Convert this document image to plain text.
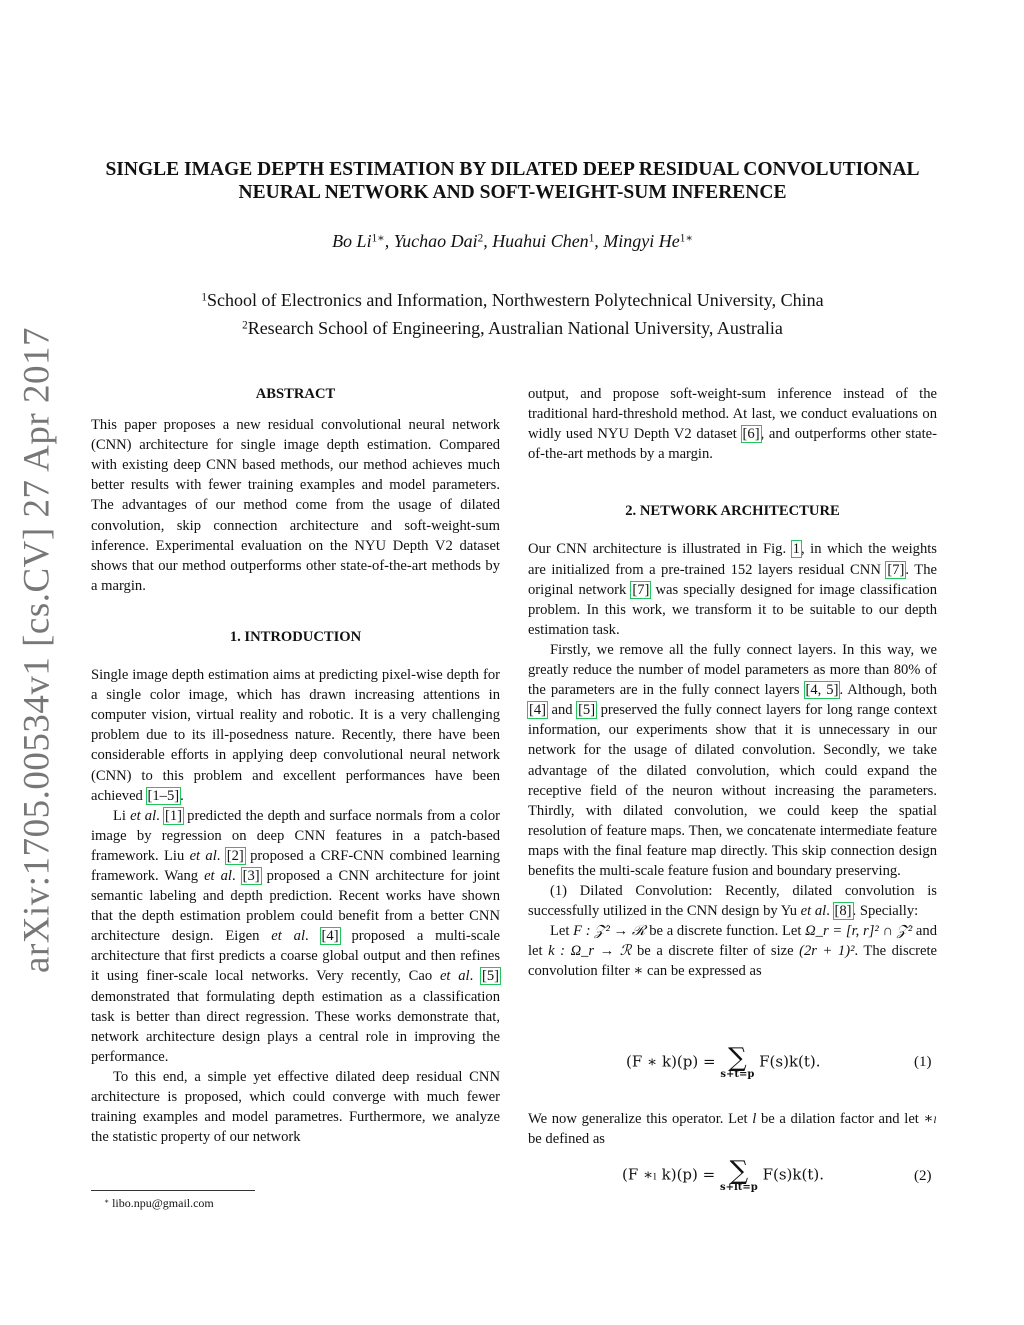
arXiv:1705.00534v1 [cs.CV] 27 Apr 2017
SINGLE IMAGE DEPTH ESTIMATION BY DILATED DEEP RESIDUAL CONVOLUTIONAL
NEURAL NETWORK AND SOFT-WEIGHT-SUM INFERENCE
Bo $Li^{1∗}$, Yuchao Dai$^2$, Huahui Chen$^1$, Mingyi $He^{1∗}$
$^1$School of Electronics and Information, Northwestern Polytechnical University, China
$^2$Research School of Engineering, Australian National University, Australia
ABSTRACT

This paper proposes a new residual convolutional neural network (CNN) architecture for single image depth estimation. Compared with existing deep CNN based methods, our method achieves much better results with fewer training examples and model parameters. The advantages of our method come from the usage of dilated convolution, skip connection architecture and soft-weight-sum inference. Experimental evaluation on the NYU Depth V2 dataset shows that our method outperforms other state-of-the-art methods by a margin.

1. INTRODUCTION

Single image depth estimation aims at predicting pixel-wise depth for a single color image, which has drawn increasing attentions in computer vision, virtual reality and robotic. It is a very challenging problem due to its ill-posedness nature. Recently, there have been considerable efforts in applying deep convolutional neural network (CNN) to this problem and excellent performances have been achieved [1–5].

Li et al. [1] predicted the depth and surface normals from a color image by regression on deep CNN features in a patch-based framework. Liu et al. [2] proposed a CRF-CNN combined learning framework. Wang et al. [3] proposed a CNN architecture for joint semantic labeling and depth prediction. Recent works have shown that the depth estimation problem could benefit from a better CNN architecture design. Eigen et al. [4] proposed a multi-scale architecture that first predicts a coarse global output and then refines it using finer-scale local networks. Very recently, Cao et al. [5] demonstrated that formulating depth estimation as a classification task is better than direct regression. These works demonstrate that, network architecture design plays a central role in improving the performance.

To this end, a simple yet effective dilated deep residual CNN architecture is proposed, which could converge with much fewer training examples and model parametres. Furthermore, we analyze the statistic property of our network

∗ libo.npu@gmail.com

output, and propose soft-weight-sum inference instead of the traditional hard-threshold method. At last, we conduct evaluations on widly used NYU Depth V2 dataset [6], and outperforms other state-of-the-art methods by a margin.

2. NETWORK ARCHITECTURE

Our CNN architecture is illustrated in Fig. 1, in which the weights are initialized from a pre-trained 152 layers residual CNN [7]. The original network [7] was specially designed for image classification problem. In this work, we transform it to be suitable to our depth estimation task.

Firstly, we remove all the fully connect layers. In this way, we greatly reduce the number of model parameters as more than 80% of the parameters are in the fully connect layers [4, 5]. Although, both [4] and [5] preserved the fully connect layers for long range context information, our experiments show that it is unnecessary in our network for the usage of dilated convolution. Secondly, we take advantage of the dilated convolution, which could expand the receptive field of the neuron without increasing the parameters. Thirdly, with dilated convolution, we could keep the spatial resolution of feature maps. Then, we concatenate intermediate feature maps with the final feature map directly. This skip connection design benefits the multi-scale feature fusion and boundary preserving.

(1) Dilated Convolution: Recently, dilated convolution is successfully utilized in the CNN design by Yu et al. [8]. Specially:

Let F : 𝒵² → ℛ be a discrete function. Let Ω_r = [r, r]² ∩ 𝒵² and let k : Ω_r → ℛ be a discrete filter of size (2r + 1)². The discrete convolution filter ∗ can be expressed as

(F ∗ k)(p) = ∑
s+t=p
F(s)k(t).	(1)

We now generalize this operator. Let l be a dilation factor and let ∗ₗ be defined as

(F ∗ₗ k)(p) = ∑
s+lt=p
F(s)k(t).	(2)
